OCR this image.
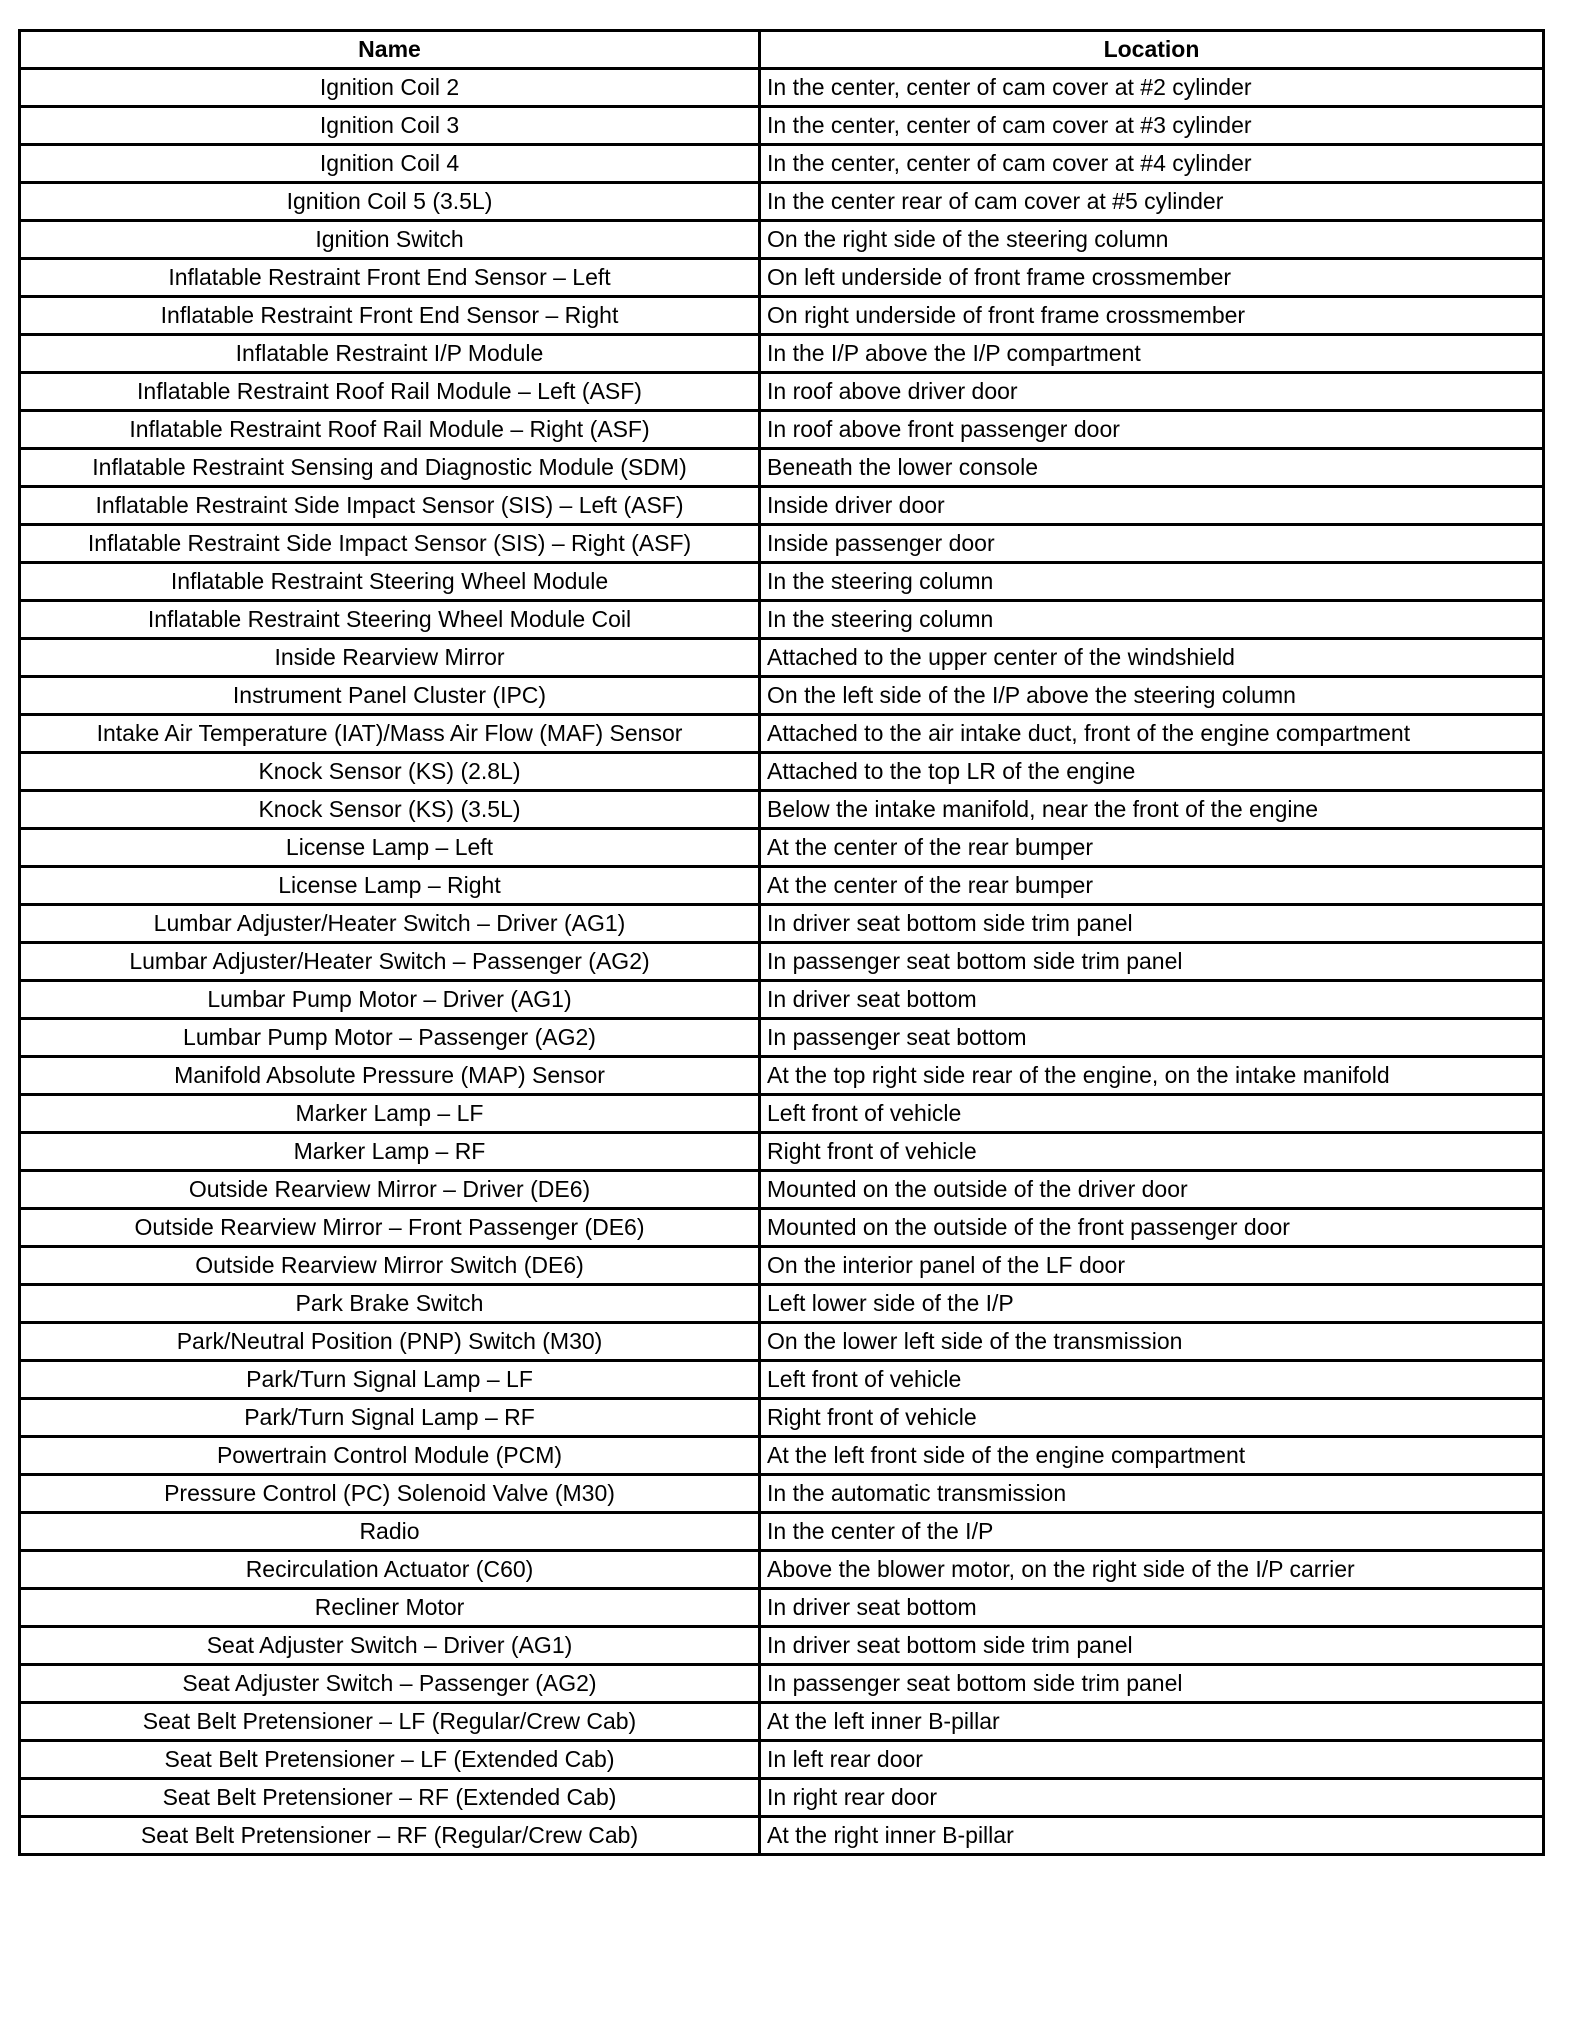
Name	Location
Ignition Coil 2	In the center, center of cam cover at #2 cylinder
Ignition Coil 3	In the center, center of cam cover at #3 cylinder
Ignition Coil 4	In the center, center of cam cover at #4 cylinder
Ignition Coil 5 (3.5L)	In the center rear of cam cover at #5 cylinder
Ignition Switch	On the right side of the steering column
Inflatable Restraint Front End Sensor – Left	On left underside of front frame crossmember
Inflatable Restraint Front End Sensor – Right	On right underside of front frame crossmember
Inflatable Restraint I/P Module	In the I/P above the I/P compartment
Inflatable Restraint Roof Rail Module – Left (ASF)	In roof above driver door
Inflatable Restraint Roof Rail Module – Right (ASF)	In roof above front passenger door
Inflatable Restraint Sensing and Diagnostic Module (SDM)	Beneath the lower console
Inflatable Restraint Side Impact Sensor (SIS) – Left (ASF)	Inside driver door
Inflatable Restraint Side Impact Sensor (SIS) – Right (ASF)	Inside passenger door
Inflatable Restraint Steering Wheel Module	In the steering column
Inflatable Restraint Steering Wheel Module Coil	In the steering column
Inside Rearview Mirror	Attached to the upper center of the windshield
Instrument Panel Cluster (IPC)	On the left side of the I/P above the steering column
Intake Air Temperature (IAT)/Mass Air Flow (MAF) Sensor	Attached to the air intake duct, front of the engine compartment
Knock Sensor (KS) (2.8L)	Attached to the top LR of the engine
Knock Sensor (KS) (3.5L)	Below the intake manifold, near the front of the engine
License Lamp – Left	At the center of the rear bumper
License Lamp – Right	At the center of the rear bumper
Lumbar Adjuster/Heater Switch – Driver (AG1)	In driver seat bottom side trim panel
Lumbar Adjuster/Heater Switch – Passenger (AG2)	In passenger seat bottom side trim panel
Lumbar Pump Motor – Driver (AG1)	In driver seat bottom
Lumbar Pump Motor – Passenger (AG2)	In passenger seat bottom
Manifold Absolute Pressure (MAP) Sensor	At the top right side rear of the engine, on the intake manifold
Marker Lamp – LF	Left front of vehicle
Marker Lamp – RF	Right front of vehicle
Outside Rearview Mirror – Driver (DE6)	Mounted on the outside of the driver door
Outside Rearview Mirror – Front Passenger (DE6)	Mounted on the outside of the front passenger door
Outside Rearview Mirror Switch (DE6)	On the interior panel of the LF door
Park Brake Switch	Left lower side of the I/P
Park/Neutral Position (PNP) Switch (M30)	On the lower left side of the transmission
Park/Turn Signal Lamp – LF	Left front of vehicle
Park/Turn Signal Lamp – RF	Right front of vehicle
Powertrain Control Module (PCM)	At the left front side of the engine compartment
Pressure Control (PC) Solenoid Valve (M30)	In the automatic transmission
Radio	In the center of the I/P
Recirculation Actuator (C60)	Above the blower motor, on the right side of the I/P carrier
Recliner Motor	In driver seat bottom
Seat Adjuster Switch – Driver (AG1)	In driver seat bottom side trim panel
Seat Adjuster Switch – Passenger (AG2)	In passenger seat bottom side trim panel
Seat Belt Pretensioner – LF (Regular/Crew Cab)	At the left inner B-pillar
Seat Belt Pretensioner – LF (Extended Cab)	In left rear door
Seat Belt Pretensioner – RF (Extended Cab)	In right rear door
Seat Belt Pretensioner – RF (Regular/Crew Cab)	At the right inner B-pillar
